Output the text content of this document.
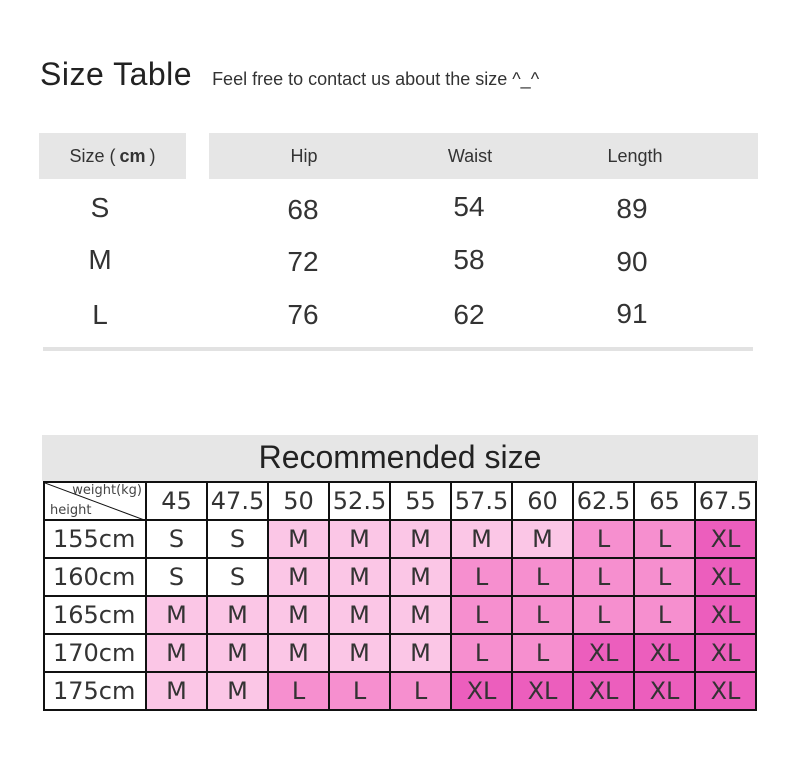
Size Table Feel free to contact us about the size ^_^
Size ( cm )	Hip	Waist	Length
S	68	54	89
M	72	58	90
L	76	62	91
Recommended size
weight(kg)
height	45	47.5	50	52.5	55	57.5	60	62.5	65	67.5
155cm	S	S	M	M	M	M	M	L	L	XL
160cm	S	S	M	M	M	L	L	L	L	XL
165cm	M	M	M	M	M	L	L	L	L	XL
170cm	M	M	M	M	M	L	L	XL	XL	XL
175cm	M	M	L	L	L	XL	XL	XL	XL	XL
